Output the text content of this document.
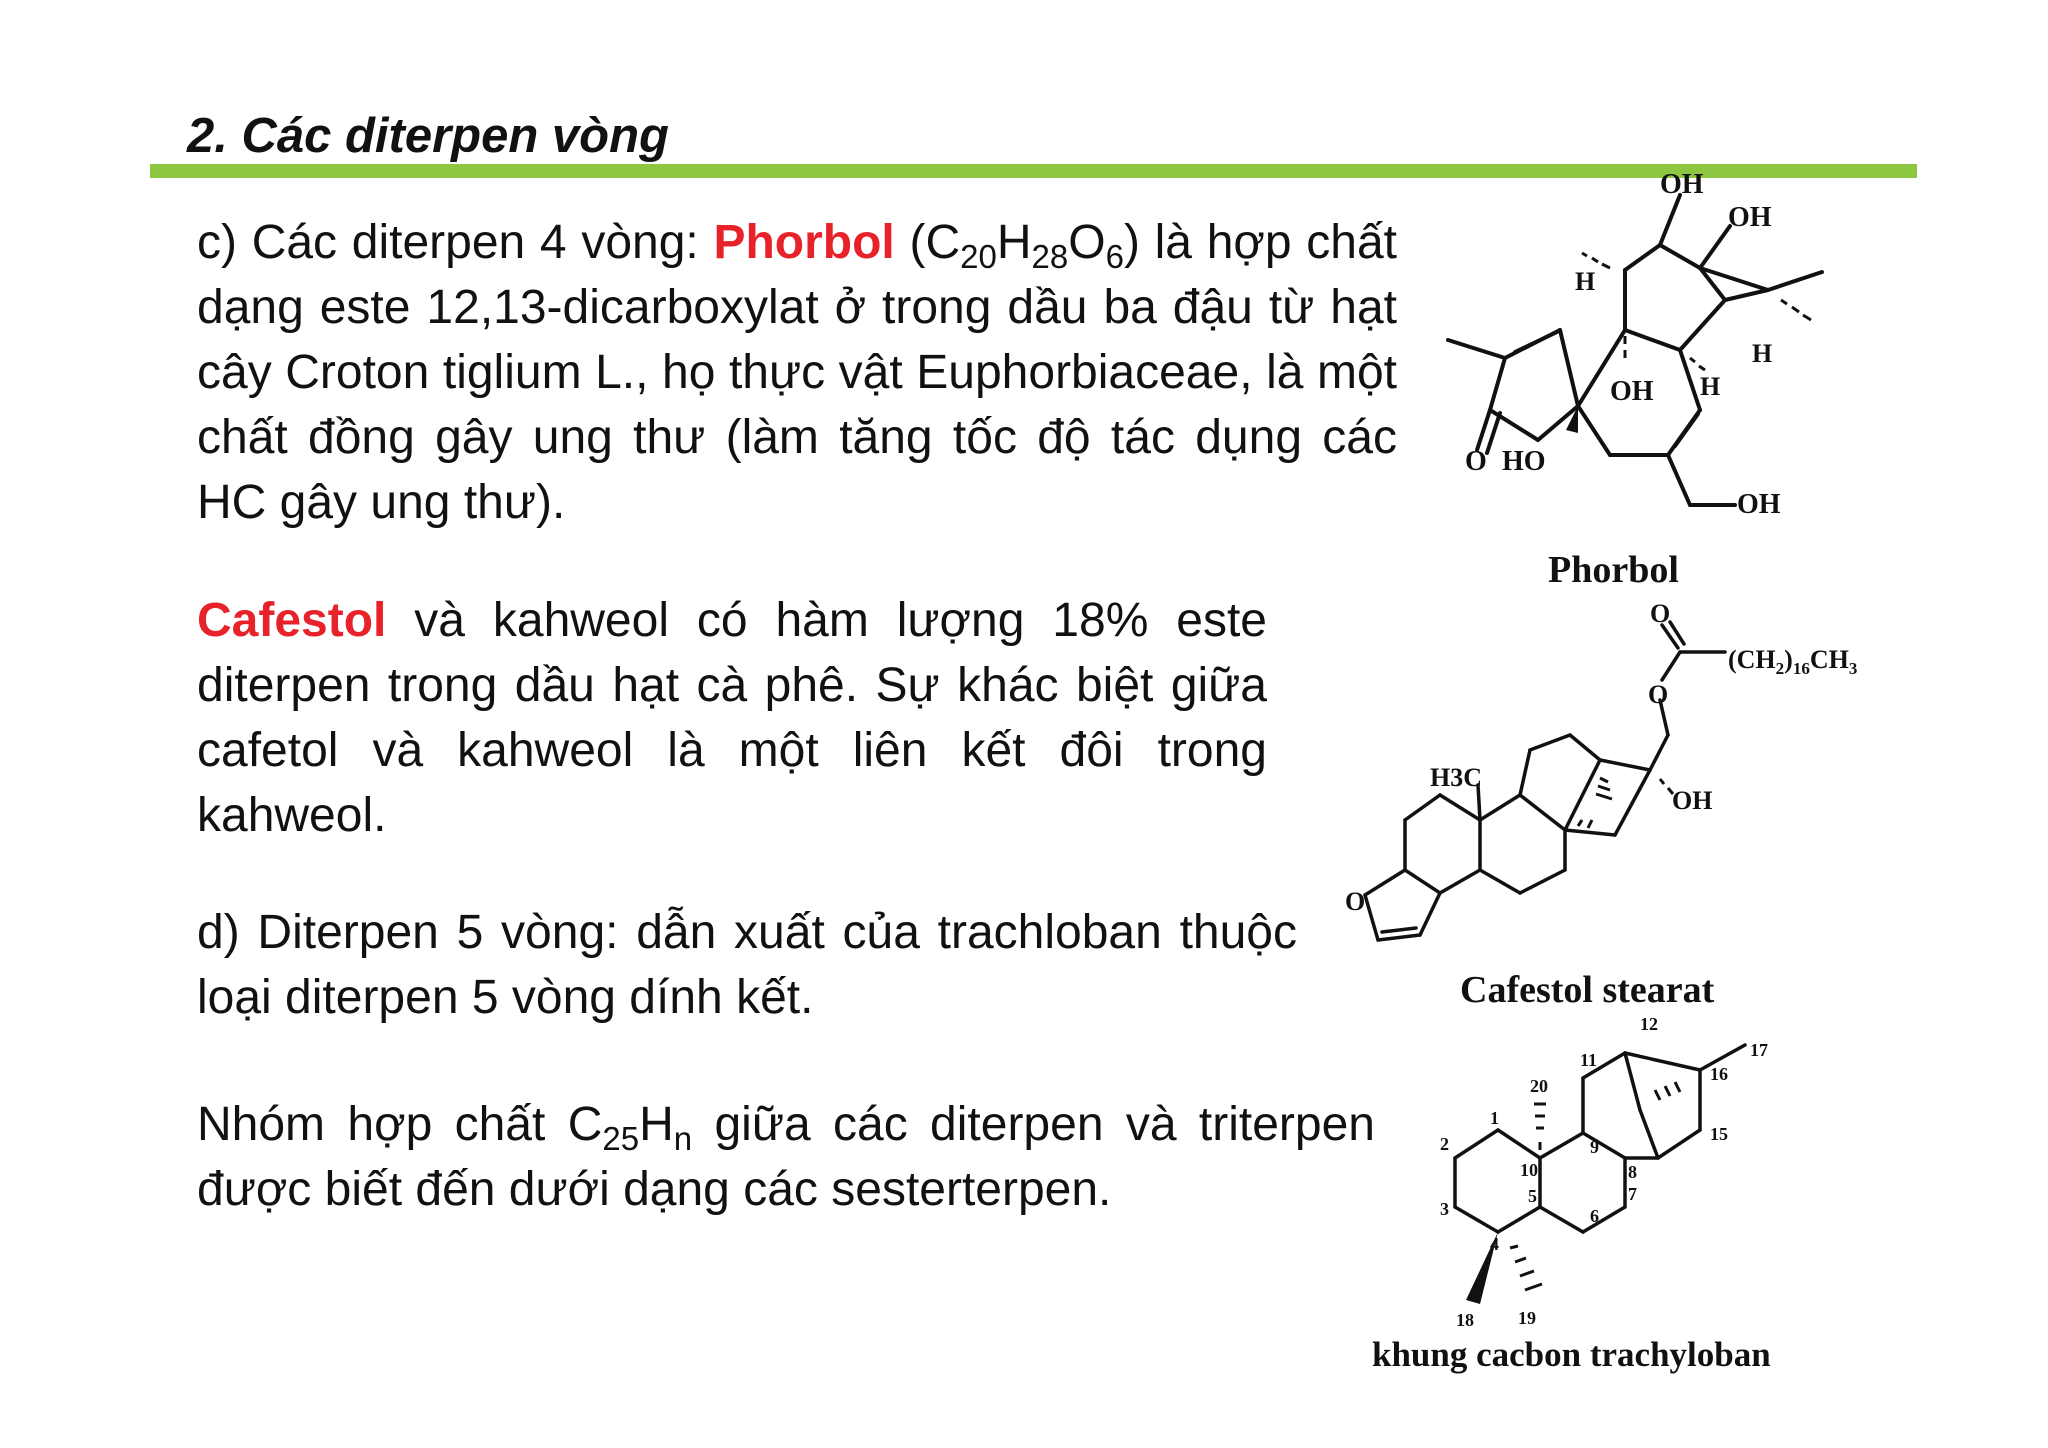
2. Các diterpen vòng
c) Các diterpen 4 vòng: Phorbol $(C_{20}H_{28}O_6)$ là hợp chất dạng este 12,13-dicarboxylat ở trong dầu ba đậu từ hạt cây Croton tiglium L., họ thực vật Euphorbiaceae, là một chất đồng gây ung thư (làm tăng tốc độ tác dụng các HC gây ung thư).
Cafestol và kahweol có hàm lượng 18% este diterpen trong dầu hạt cà phê. Sự khác biệt giữa cafetol và kahweol là một liên kết đôi trong kahweol.
d) Diterpen 5 vòng: dẫn xuất của trachloban thuộc loại diterpen 5 vòng dính kết.
Nhóm hợp chất $C_{25}H_n$ giữa các diterpen và triterpen được biết đến dưới dạng các sesterterpen.
H
OH
OH
OH H
H
O HO
OH
Phorbol
O
O
$(CH_2)_{16}CH_3$
H3C
OH
O
Cafestol stearat
1
2
3
4
5
6
7
8
9
10
11
12
15
16
17
18 19
20
khung cacbon trachyloban
